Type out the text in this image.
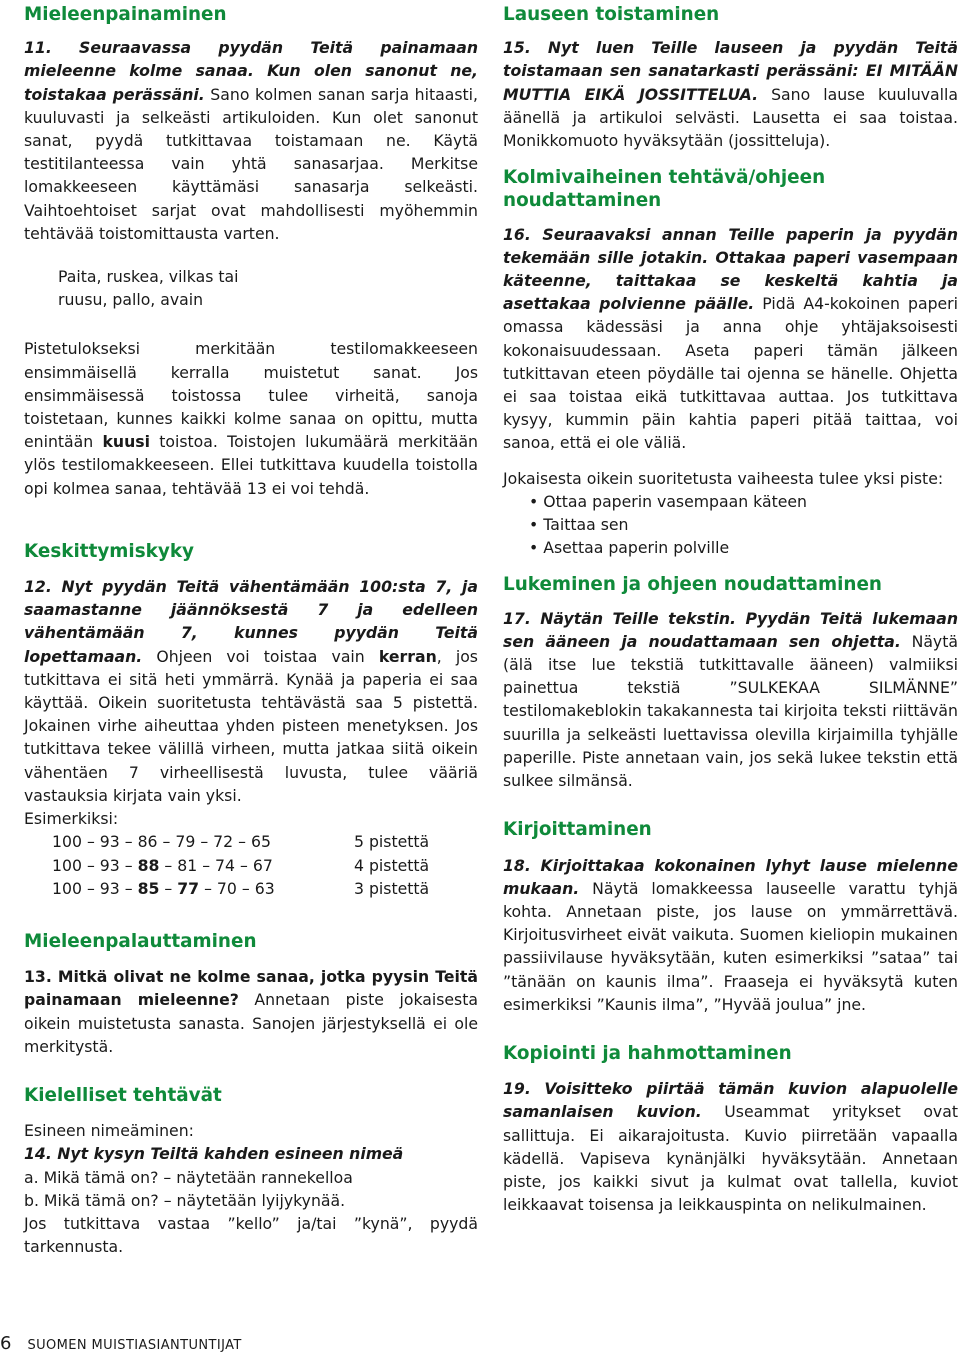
Mieleenpainaminen

11. Seuraavassa pyydän Teitä painamaan mieleenne kolme sanaa. Kun olen sanonut ne, toistakaa perässäni. Sano kolmen sanan sarja hitaasti, kuuluvasti ja selkeästi artikuloiden. Kun olet sanonut sanat, pyydä tutkittavaa toistamaan ne. Käytä testitilanteessa vain yhtä sanasarjaa. Merkitse lomakkeeseen käyttämäsi sanasarja selkeästi. Vaihtoehtoiset sarjat ovat mahdollisesti myöhemmin tehtävää toistomittausta varten.

Paita, ruskea, vilkas tai
ruusu, pallo, avain

Pistetulokseksi merkitään testilomakkeeseen ensimmäisellä kerralla muistetut sanat. Jos ensimmäisessä toistossa tulee virheitä, sanoja toistetaan, kunnes kaikki kolme sanaa on opittu, mutta enintään kuusi toistoa. Toistojen lukumäärä merkitään ylös testilomakkeeseen. Ellei tutkittava kuudella toistolla opi kolmea sanaa, tehtävää 13 ei voi tehdä.

Keskittymiskyky

12. Nyt pyydän Teitä vähentämään 100:sta 7, ja saamastanne jäännöksestä 7 ja edelleen vähentämään 7, kunnes pyydän Teitä lopettamaan. Ohjeen voi toistaa vain kerran, jos tutkittava ei sitä heti ymmärrä. Kynää ja paperia ei saa käyttää. Oikein suoritetusta tehtävästä saa 5 pistettä. Jokainen virhe aiheuttaa yhden pisteen menetyksen. Jos tutkittava tekee välillä virheen, mutta jatkaa siitä oikein vähentäen 7 virheellisestä luvusta, tulee vääriä vastauksia kirjata vain yksi.

Esimerkiksi:
100 – 93 – 86 – 79 – 72 – 65	5 pistettä
100 – 93 – 88 – 81 – 74 – 67	4 pistettä
100 – 93 – 85 – 77 – 70 – 63	3 pistettä
Mieleenpalauttaminen

13. Mitkä olivat ne kolme sanaa, jotka pyysin Teitä painamaan mieleenne? Annetaan piste jokaisesta oikein muistetusta sanasta. Sanojen järjestyksellä ei ole merkitystä.

Kielelliset tehtävät
Esineen nimeäminen:
14. Nyt kysyn Teiltä kahden esineen nimeä
a. Mikä tämä on? – näytetään rannekelloa
b. Mikä tämä on? – näytetään lyijykynää.

Jos tutkittava vastaa ”kello” ja/tai ”kynä”, pyydä tarkennusta.

Lauseen toistaminen

15. Nyt luen Teille lauseen ja pyydän Teitä toistamaan sen sanatarkasti perässäni: EI MITÄÄN MUTTIA EIKÄ JOSSITTELUA. Sano lause kuuluvalla äänellä ja artikuloi selvästi. Lausetta ei saa toistaa. Monikkomuoto hyväksytään (jossitteluja).

Kolmivaiheinen tehtävä/ohjeen noudattaminen

16. Seuraavaksi annan Teille paperin ja pyydän tekemään sille jotakin. Ottakaa paperi vasempaan käteenne, taittakaa se keskeltä kahtia ja asettakaa polvienne päälle. Pidä A4-kokoinen paperi omassa kädessäsi ja anna ohje yhtäjaksoisesti kokonaisuudessaan. Aseta paperi tämän jälkeen tutkittavan eteen pöydälle tai ojenna se hänelle. Ohjetta ei saa toistaa eikä tutkittavaa auttaa. Jos tutkittava kysyy, kummin päin kahtia paperi pitää taittaa, voi sanoa, että ei ole väliä.

Jokaisesta oikein suoritetusta vaiheesta tulee yksi piste:

• Ottaa paperin vasempaan käteen
• Taittaa sen
• Asettaa paperin polville
Lukeminen ja ohjeen noudattaminen

17. Näytän Teille tekstin. Pyydän Teitä lukemaan sen ääneen ja noudattamaan sen ohjetta. Näytä (älä itse lue tekstiä tutkittavalle ääneen) valmiiksi painettua tekstiä ”SULKEKAA SILMÄNNE” testilomakeblokin takakannesta tai kirjoita teksti riittävän suurilla ja selkeästi luettavissa olevilla kirjaimilla tyhjälle paperille. Piste annetaan vain, jos sekä lukee tekstin että sulkee silmänsä.

Kirjoittaminen

18. Kirjoittakaa kokonainen lyhyt lause mielenne mukaan. Näytä lomakkeessa lauseelle varattu tyhjä kohta. Annetaan piste, jos lause on ymmärrettävä. Kirjoitusvirheet eivät vaikuta. Suomen kieliopin mukainen passiivilause hyväksytään, kuten esimerkiksi ”sataa” tai ”tänään on kaunis ilma”. Fraaseja ei hyväksytä kuten esimerkiksi ”Kaunis ilma”, ”Hyvää joulua” jne.

Kopiointi ja hahmottaminen

19. Voisitteko piirtää tämän kuvion alapuolelle samanlaisen kuvion. Useammat yritykset ovat sallittuja. Ei aikarajoitusta. Kuvio piirretään vapaalla kädellä. Vapiseva kynänjälki hyväksytään. Annetaan piste, jos kaikki sivut ja kulmat ovat tallella, kuviot leikkaavat toisensa ja leikkauspinta on nelikulmainen.

6 SUOMEN MUISTIASIANTUNTIJAT
